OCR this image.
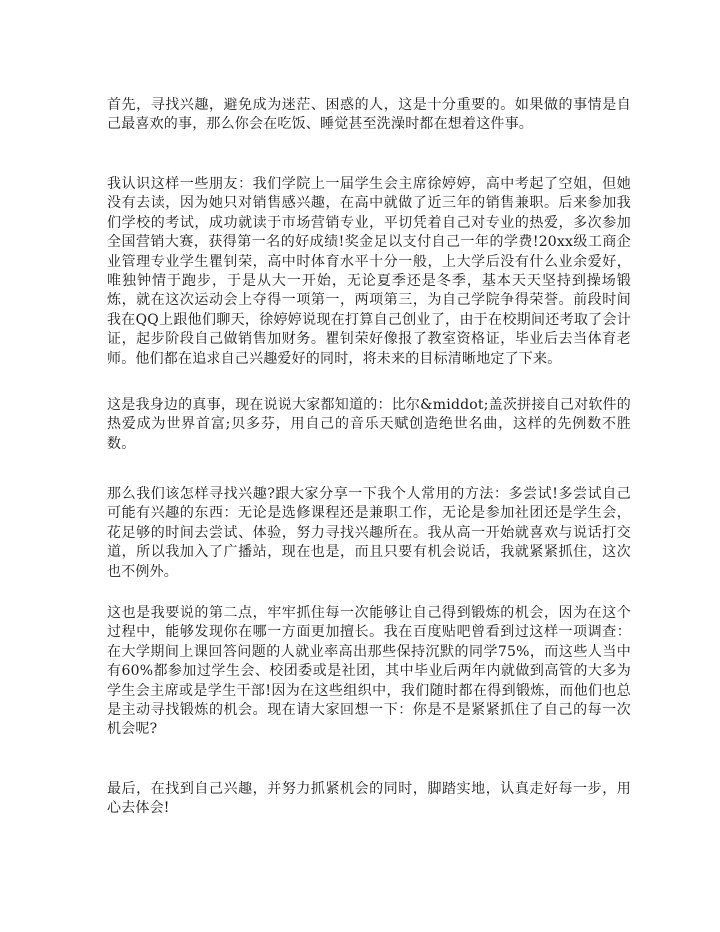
首先，寻找兴趣，避免成为迷茫、困惑的人，这是十分重要的。如果做的事情是自己最喜欢的事，那么你会在吃饭、睡觉甚至洗澡时都在想着这件事。

我认识这样一些朋友：我们学院上一届学生会主席徐婷婷，高中考起了空姐，但她没有去读，因为她只对销售感兴趣，在高中就做了近三年的销售兼职。后来参加我们学校的考试，成功就读于市场营销专业，平切凭着自己对专业的热爱，多次参加全国营销大赛，获得第一名的好成绩!奖金足以支付自己一年的学费!20xx级工商企业管理专业学生瞿钊荣，高中时体育水平十分一般，上大学后没有什么业余爱好，唯独钟情于跑步，于是从大一开始，无论夏季还是冬季，基本天天坚持到操场锻炼，就在这次运动会上夺得一项第一，两项第三，为自己学院争得荣誉。前段时间我在QQ上跟他们聊天，徐婷婷说现在打算自己创业了，由于在校期间还考取了会计证，起步阶段自己做销售加财务。瞿钊荣好像报了教室资格证，毕业后去当体育老师。他们都在追求自己兴趣爱好的同时，将未来的目标清晰地定了下来。

这是我身边的真事，现在说说大家都知道的：比尔&middot;盖茨拼接自己对软件的热爱成为世界首富;贝多芬，用自己的音乐天赋创造绝世名曲，这样的先例数不胜数。

那么我们该怎样寻找兴趣?跟大家分享一下我个人常用的方法：多尝试!多尝试自己可能有兴趣的东西：无论是选修课程还是兼职工作，无论是参加社团还是学生会，花足够的时间去尝试、体验，努力寻找兴趣所在。我从高一开始就喜欢与说话打交道，所以我加入了广播站，现在也是，而且只要有机会说话，我就紧紧抓住，这次也不例外。

这也是我要说的第二点，牢牢抓住每一次能够让自己得到锻炼的机会，因为在这个过程中，能够发现你在哪一方面更加擅长。我在百度贴吧曾看到过这样一项调查：在大学期间上课回答问题的人就业率高出那些保持沉默的同学75%，而这些人当中有60%都参加过学生会、校团委或是社团，其中毕业后两年内就做到高管的大多为学生会主席或是学生干部!因为在这些组织中，我们随时都在得到锻炼，而他们也总是主动寻找锻炼的机会。现在请大家回想一下：你是不是紧紧抓住了自己的每一次机会呢?

最后，在找到自己兴趣，并努力抓紧机会的同时，脚踏实地，认真走好每一步，用心去体会!
